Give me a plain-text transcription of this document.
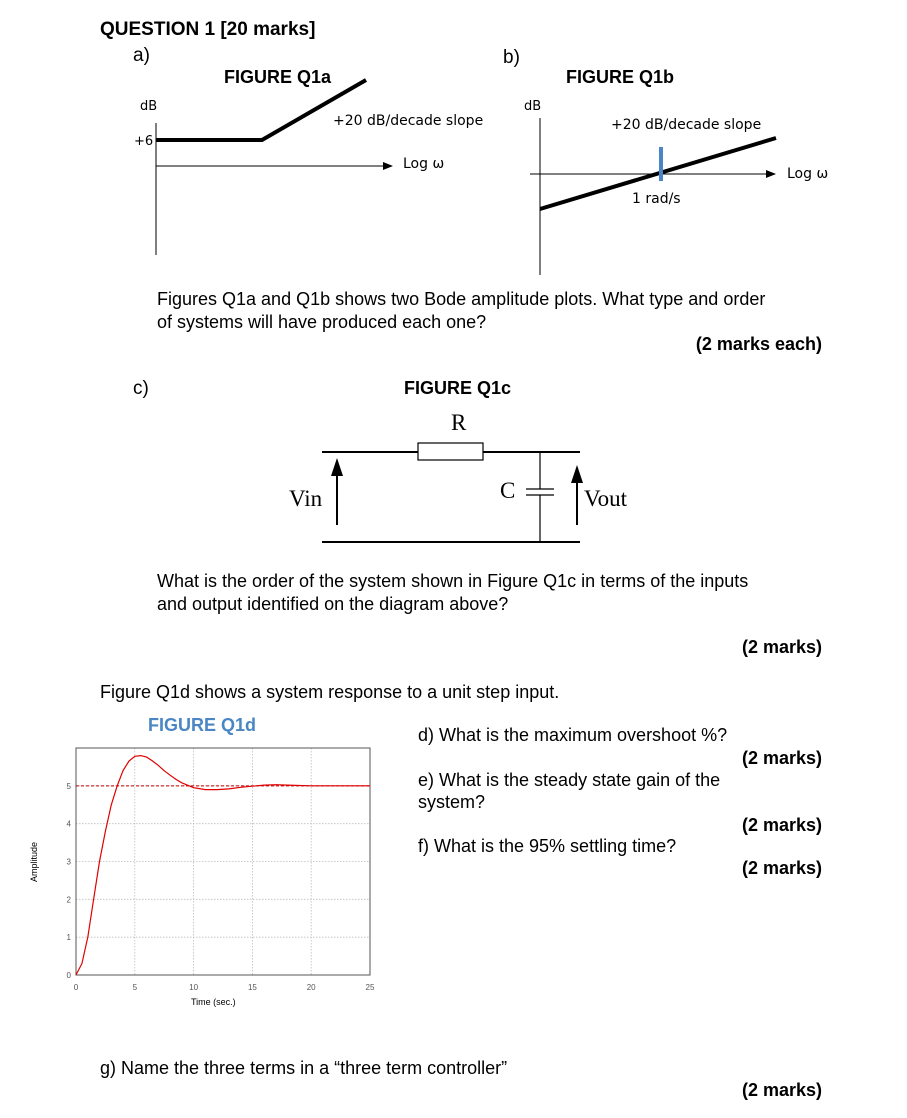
QUESTION 1 [20 marks]
a)
FIGURE Q1a
dB
+6
+20 dB/decade slope
Log ω
b)
FIGURE Q1b
dB
+20 dB/decade slope
Log ω
1 rad/s
Figures Q1a and Q1b shows two Bode amplitude plots. What type and order
of systems will have produced each one?
(2 marks each)
c)	FIGURE Q1c
R
C
Vin	Vout
What is the order of the system shown in Figure Q1c in terms of the inputs
and output identified on the diagram above?
(2 marks)
Figure Q1d shows a system response to a unit step input.
FIGURE Q1d
0	5	10	15	20	25
0
1
2
3
4
5
Time (sec.)
Amplitude
d) What is the maximum overshoot %?
(2 marks)
e) What is the steady state gain of the
system?
(2 marks)
f) What is the 95% settling time?
(2 marks)
g) Name the three terms in a “three term controller”
(2 marks)
